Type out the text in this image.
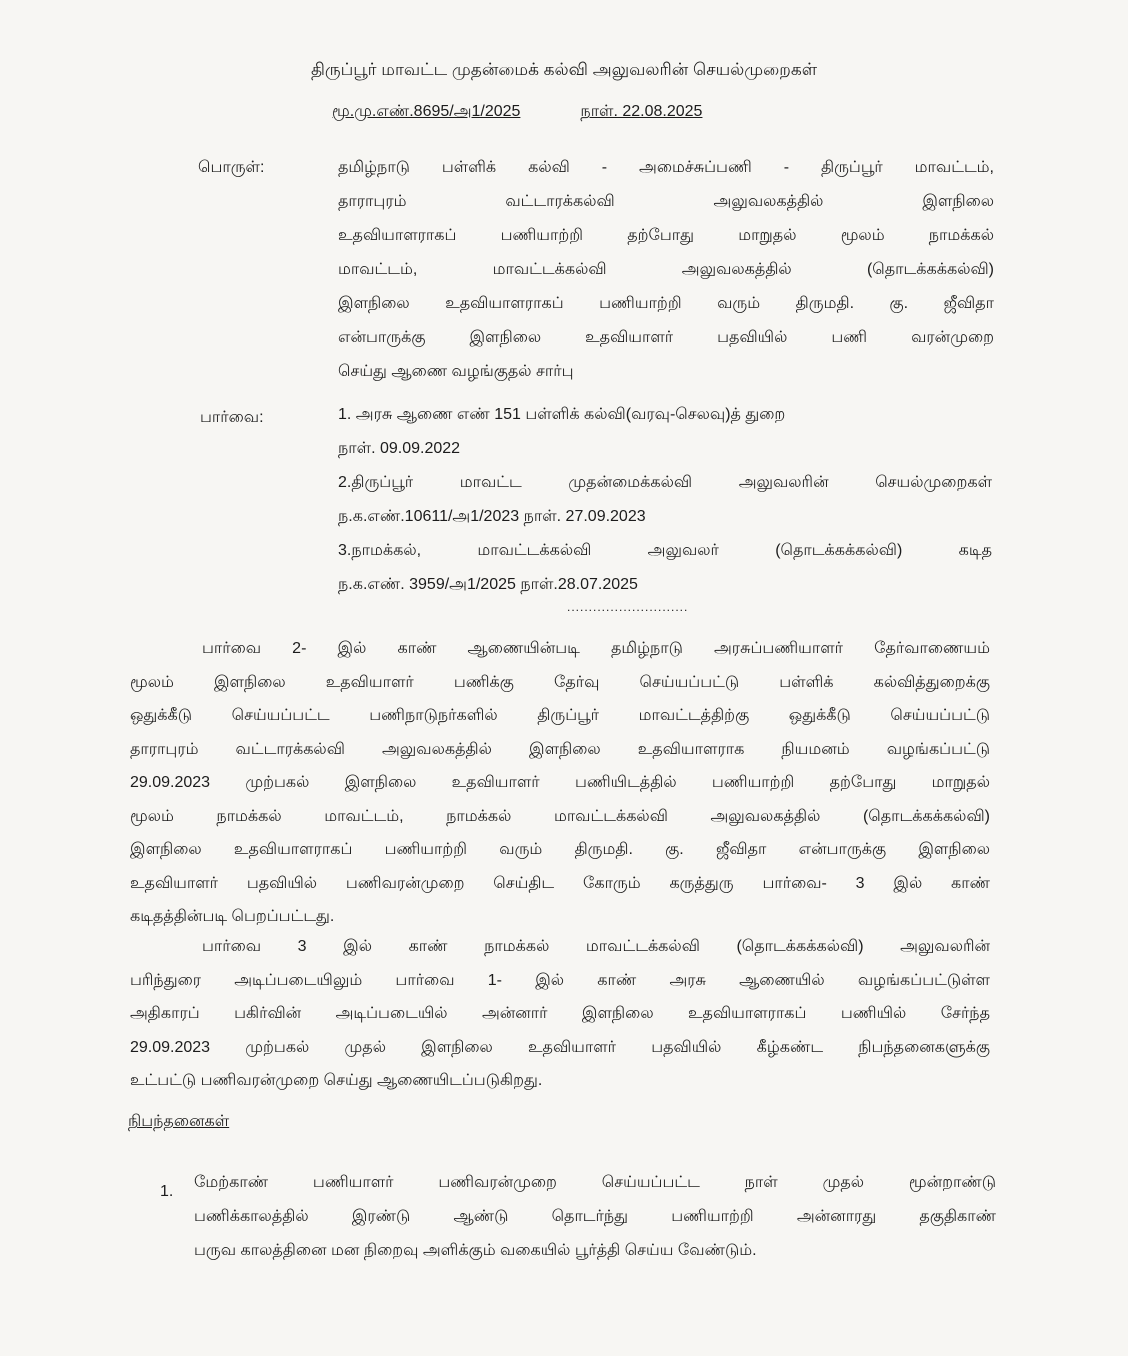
திருப்பூர் மாவட்ட முதன்மைக் கல்வி அலுவலரின் செயல்முறைகள்
மூ.மு.எண்.8695/அ1/2025	நாள். 22.08.2025
பொருள்:	தமிழ்நாடு பள்ளிக் கல்வி - அமைச்சுப்பணி - திருப்பூர் மாவட்டம்,
தாராபுரம் வட்டாரக்கல்வி அலுவலகத்தில் இளநிலை
உதவியாளராகப் பணியாற்றி தற்போது மாறுதல் மூலம் நாமக்கல்
மாவட்டம், மாவட்டக்கல்வி அலுவலகத்தில் (தொடக்கக்கல்வி)
இளநிலை உதவியாளராகப் பணியாற்றி வரும் திருமதி. கு. ஜீவிதா
என்பாருக்கு இளநிலை உதவியாளர் பதவியில் பணி வரன்முறை
செய்து ஆணை வழங்குதல் சார்பு
பார்வை:	1. அரசு ஆணை எண் 151 பள்ளிக் கல்வி(வரவு-செலவு)த் துறை
நாள். 09.09.2022
2.திருப்பூர் மாவட்ட முதன்மைக்கல்வி அலுவலரின் செயல்முறைகள்
ந.க.எண்.10611/அ1/2023 நாள். 27.09.2023
3.நாமக்கல், மாவட்டக்கல்வி அலுவலர் (தொடக்கக்கல்வி) கடித
ந.க.எண். 3959/அ1/2025 நாள்.28.07.2025
............................
பார்வை 2- இல் காண் ஆணையின்படி தமிழ்நாடு அரசுப்பணியாளர் தேர்வாணையம்
மூலம் இளநிலை உதவியாளர் பணிக்கு தேர்வு செய்யப்பட்டு பள்ளிக் கல்வித்துறைக்கு
ஒதுக்கீடு செய்யப்பட்ட பணிநாடுநர்களில் திருப்பூர் மாவட்டத்திற்கு ஒதுக்கீடு செய்யப்பட்டு
தாராபுரம் வட்டாரக்கல்வி அலுவலகத்தில் இளநிலை உதவியாளராக நியமனம் வழங்கப்பட்டு
29.09.2023 முற்பகல் இளநிலை உதவியாளர் பணியிடத்தில் பணியாற்றி தற்போது மாறுதல்
மூலம் நாமக்கல் மாவட்டம், நாமக்கல் மாவட்டக்கல்வி அலுவலகத்தில் (தொடக்கக்கல்வி)
இளநிலை உதவியாளராகப் பணியாற்றி வரும் திருமதி. கு. ஜீவிதா என்பாருக்கு இளநிலை
உதவியாளர் பதவியில் பணிவரன்முறை செய்திட கோரும் கருத்துரு பார்வை- 3 இல் காண்
கடிதத்தின்படி பெறப்பட்டது.
பார்வை 3 இல் காண் நாமக்கல் மாவட்டக்கல்வி (தொடக்கக்கல்வி) அலுவலரின்
பரிந்துரை அடிப்படையிலும் பார்வை 1- இல் காண் அரசு ஆணையில் வழங்கப்பட்டுள்ள
அதிகாரப் பகிர்வின் அடிப்படையில் அன்னார் இளநிலை உதவியாளராகப் பணியில் சேர்ந்த
29.09.2023 முற்பகல் முதல் இளநிலை உதவியாளர் பதவியில் கீழ்கண்ட நிபந்தனைகளுக்கு
உட்பட்டு பணிவரன்முறை செய்து ஆணையிடப்படுகிறது.
நிபந்தனைகள்
1.
மேற்காண் பணியாளர் பணிவரன்முறை செய்யப்பட்ட நாள் முதல் மூன்றாண்டு
பணிக்காலத்தில் இரண்டு ஆண்டு தொடர்ந்து பணியாற்றி அன்னாரது தகுதிகாண்
பருவ காலத்தினை மன நிறைவு அளிக்கும் வகையில் பூர்த்தி செய்ய வேண்டும்.
